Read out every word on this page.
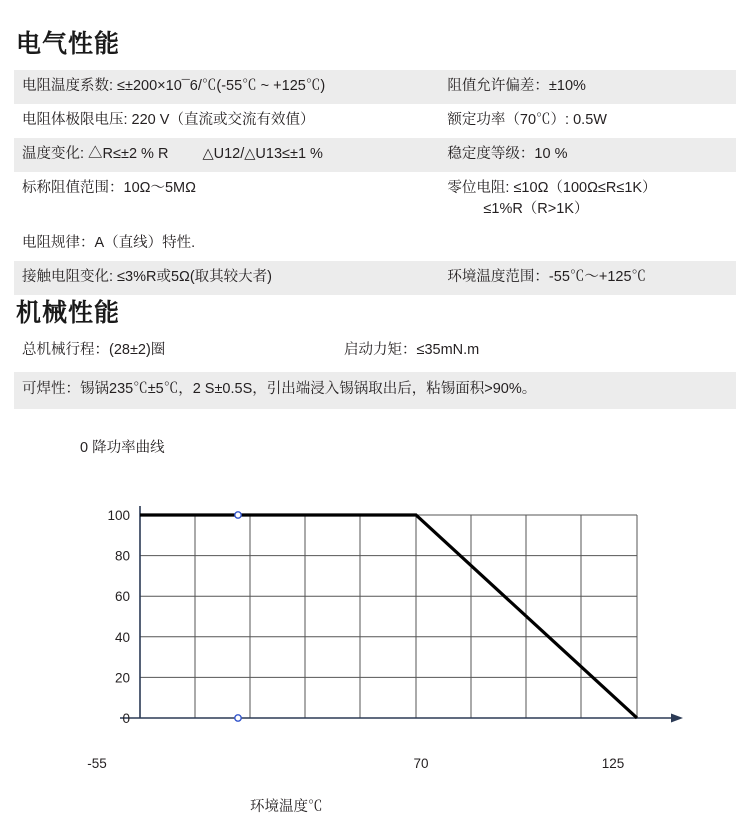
电气性能
电阻温度系数: ≤±200×10¯6/℃(-55℃ ~ +125℃)	阻值允许偏差：±10%
电阻体极限电压: 220 V（直流或交流有效值）	额定功率（70℃）: 0.5W
温度变化: △R≤±2 % R △U12/△U13≤±1 %	稳定度等级：10 %
标称阻值范围：10Ω～5MΩ	零位电阻: ≤10Ω（100Ω≤R≤1K）
≤1%R（R>1K）

电阻规律：A（直线）特性.	
接触电阻变化: ≤3%R或5Ω(取其较大者)	环境温度范围：-55℃～+125℃
机械性能
总机械行程：(28±2)圈	启动力矩：≤35mN.m
可焊性：锡锅235℃±5℃，2 S±0.5S，引出端浸入锡锅取出后，粘锡面积>90%。
0 降功率曲线
100
80
60
40
20
0
-55	70	125
环境温度℃
